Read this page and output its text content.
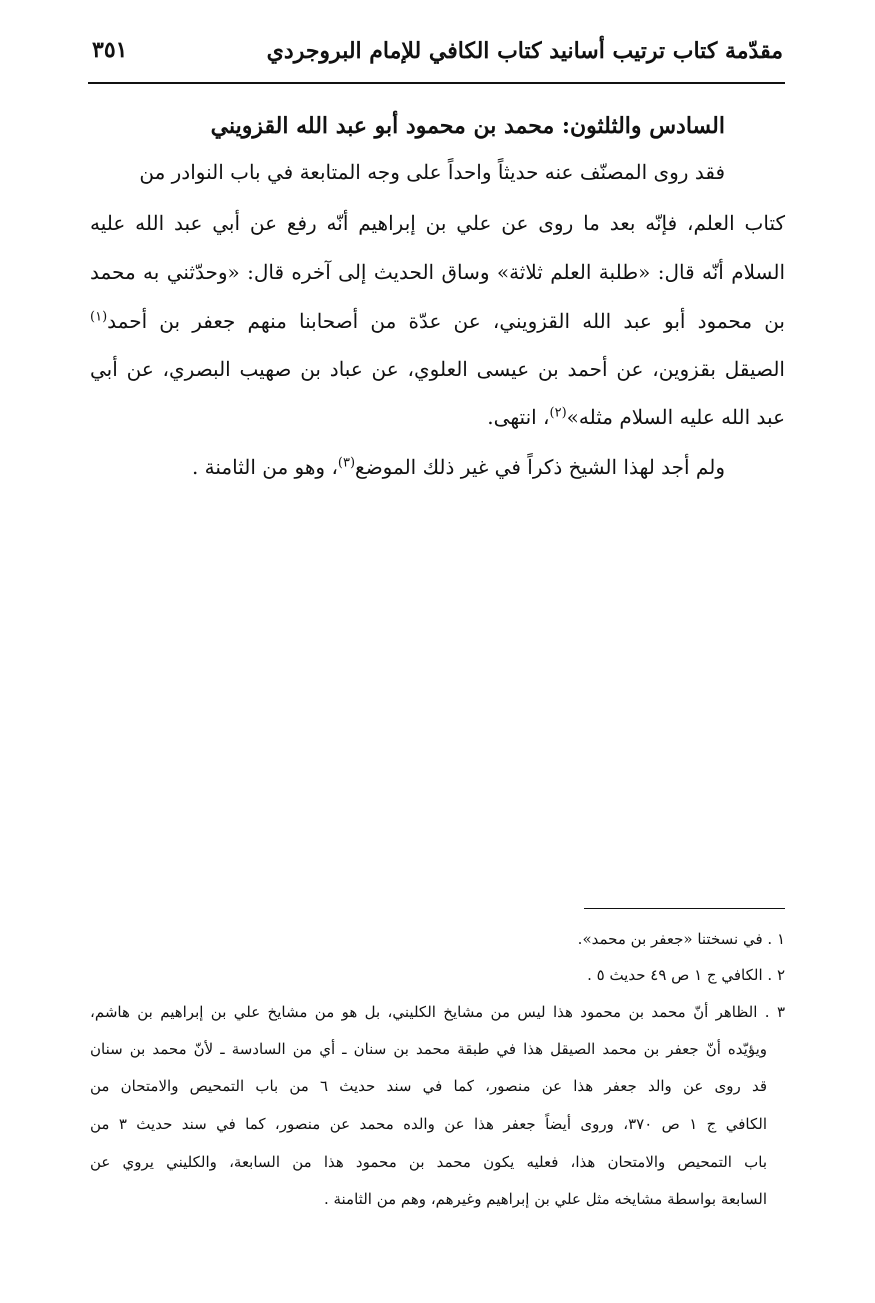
مقدّمة كتاب ترتيب أسانيد كتاب الكافي للإمام البروجردي
٣٥١
السادس والثلثون: محمد بن محمود أبو عبد الله القزويني
فقد روى المصنّف عنه حديثاً واحداً على وجه المتابعة في باب النوادر من
كتاب العلم، فإنّه بعد ما روى عن علي بن إبراهيم أنّه رفع عن أبي عبد الله عليه
السلام أنّه قال: «طلبة العلم ثلاثة» وساق الحديث إلى آخره قال: «وحدّثني به محمد
بن محمود أبو عبد الله القزويني، عن عدّة من أصحابنا منهم جعفر بن أحمد$^{(١)}$
الصيقل بقزوين، عن أحمد بن عيسى العلوي، عن عباد بن صهيب البصري، عن أبي
عبد الله عليه السلام مثله»$^{(٢)}$، انتهى.
ولم أجد لهذا الشيخ ذكراً في غير ذلك الموضع$^{(٣)}$، وهو من الثامنة .
١ . في نسختنا «جعفر بن محمد».
٢ . الكافي ج ١ ص ٤٩ حديث ٥ .
٣ . الظاهر أنّ محمد بن محمود هذا ليس من مشايخ الكليني، بل هو من مشايخ علي بن إبراهيم بن هاشم،
ويؤيّده أنّ جعفر بن محمد الصيقل هذا في طبقة محمد بن سنان ـ أي من السادسة ـ لأنّ محمد بن سنان
قد روى عن والد جعفر هذا عن منصور، كما في سند حديث ٦ من باب التمحيص والامتحان من
الكافي ج ١ ص ٣٧٠، وروى أيضاً جعفر هذا عن والده محمد عن منصور، كما في سند حديث ٣ من
باب التمحيص والامتحان هذا، فعليه يكون محمد بن محمود هذا من السابعة، والكليني يروي عن
السابعة بواسطة مشايخه مثل علي بن إبراهيم وغيرهم، وهم من الثامنة .
